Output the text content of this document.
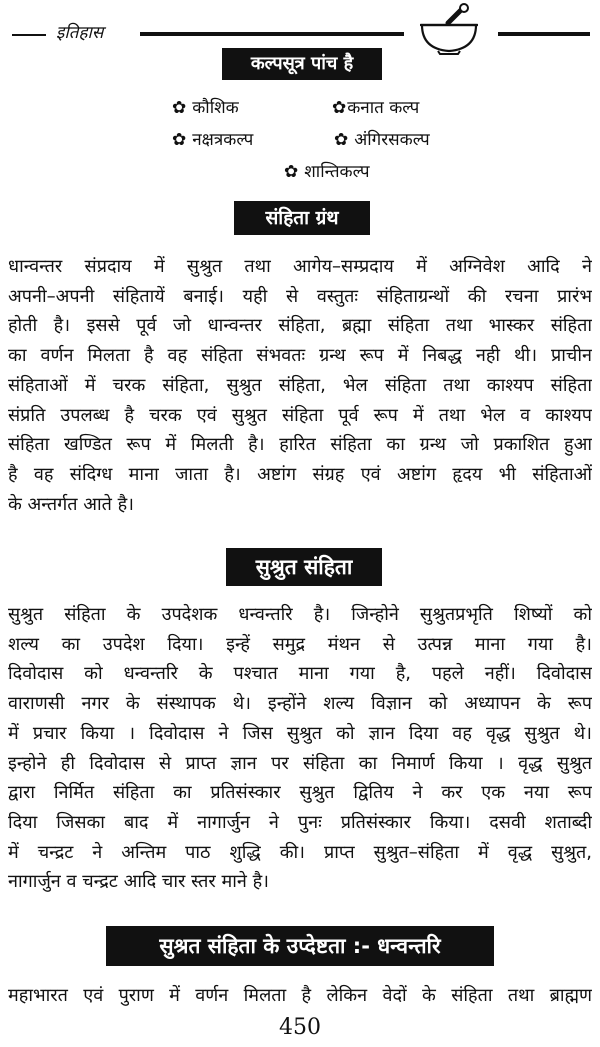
इतिहास
कल्पसूत्र पांच है
✿ कौशिक	✿कनात कल्प
✿ नक्षत्रकल्प	✿ अंगिरसकल्प
✿ शान्तिकल्प
संहिता ग्रंथ
धान्वन्तर संप्रदाय में सुश्रुत तथा आगेय–सम्प्रदाय में अग्निवेश आदि ने
अपनी–अपनी संहितायें बनाई। यही से वस्तुतः संहिताग्रन्थों की रचना प्रारंभ
होती है। इससे पूर्व जो धान्वन्तर संहिता, ब्रह्मा संहिता तथा भास्कर संहिता
का वर्णन मिलता है वह संहिता संभवतः ग्रन्थ रूप में निबद्ध नही थी। प्राचीन
संहिताओं में चरक संहिता, सुश्रुत संहिता, भेल संहिता तथा काश्यप संहिता
संप्रति उपलब्ध है चरक एवं सुश्रुत संहिता पूर्व रूप में तथा भेल व काश्यप
संहिता खण्डित रूप में मिलती है। हारित संहिता का ग्रन्थ जो प्रकाशित हुआ
है वह संदिग्ध माना जाता है। अष्टांग संग्रह एवं अष्टांग हृदय भी संहिताओं
के अन्तर्गत आते है।
सुश्रुत संहिता
सुश्रुत संहिता के उपदेशक धन्वन्तरि है। जिन्होने सुश्रुतप्रभृति शिष्यों को
शल्य का उपदेश दिया। इन्हें समुद्र मंथन से उत्पन्न माना गया है।
दिवोदास को धन्वन्तरि के पश्चात माना गया है, पहले नहीं। दिवोदास
वाराणसी नगर के संस्थापक थे। इन्होंने शल्य विज्ञान को अध्यापन के रूप
में प्रचार किया । दिवोदास ने जिस सुश्रुत को ज्ञान दिया वह वृद्ध सुश्रुत थे।
इन्होने ही दिवोदास से प्राप्त ज्ञान पर संहिता का निमार्ण किया । वृद्ध सुश्रुत
द्वारा निर्मित संहिता का प्रतिसंस्कार सुश्रुत द्वितिय ने कर एक नया रूप
दिया जिसका बाद में नागार्जुन ने पुनः प्रतिसंस्कार किया। दसवी शताब्दी
में चन्द्रट ने अन्तिम पाठ शुद्धि की। प्राप्त सुश्रुत–संहिता में वृद्ध सुश्रुत,
नागार्जुन व चन्द्रट आदि चार स्तर माने है।
सुश्रत संहिता के उप्देष्टता :- धन्वन्तरि
महाभारत एवं पुराण में वर्णन मिलता है लेकिन वेदों के संहिता तथा ब्राह्मण
450
